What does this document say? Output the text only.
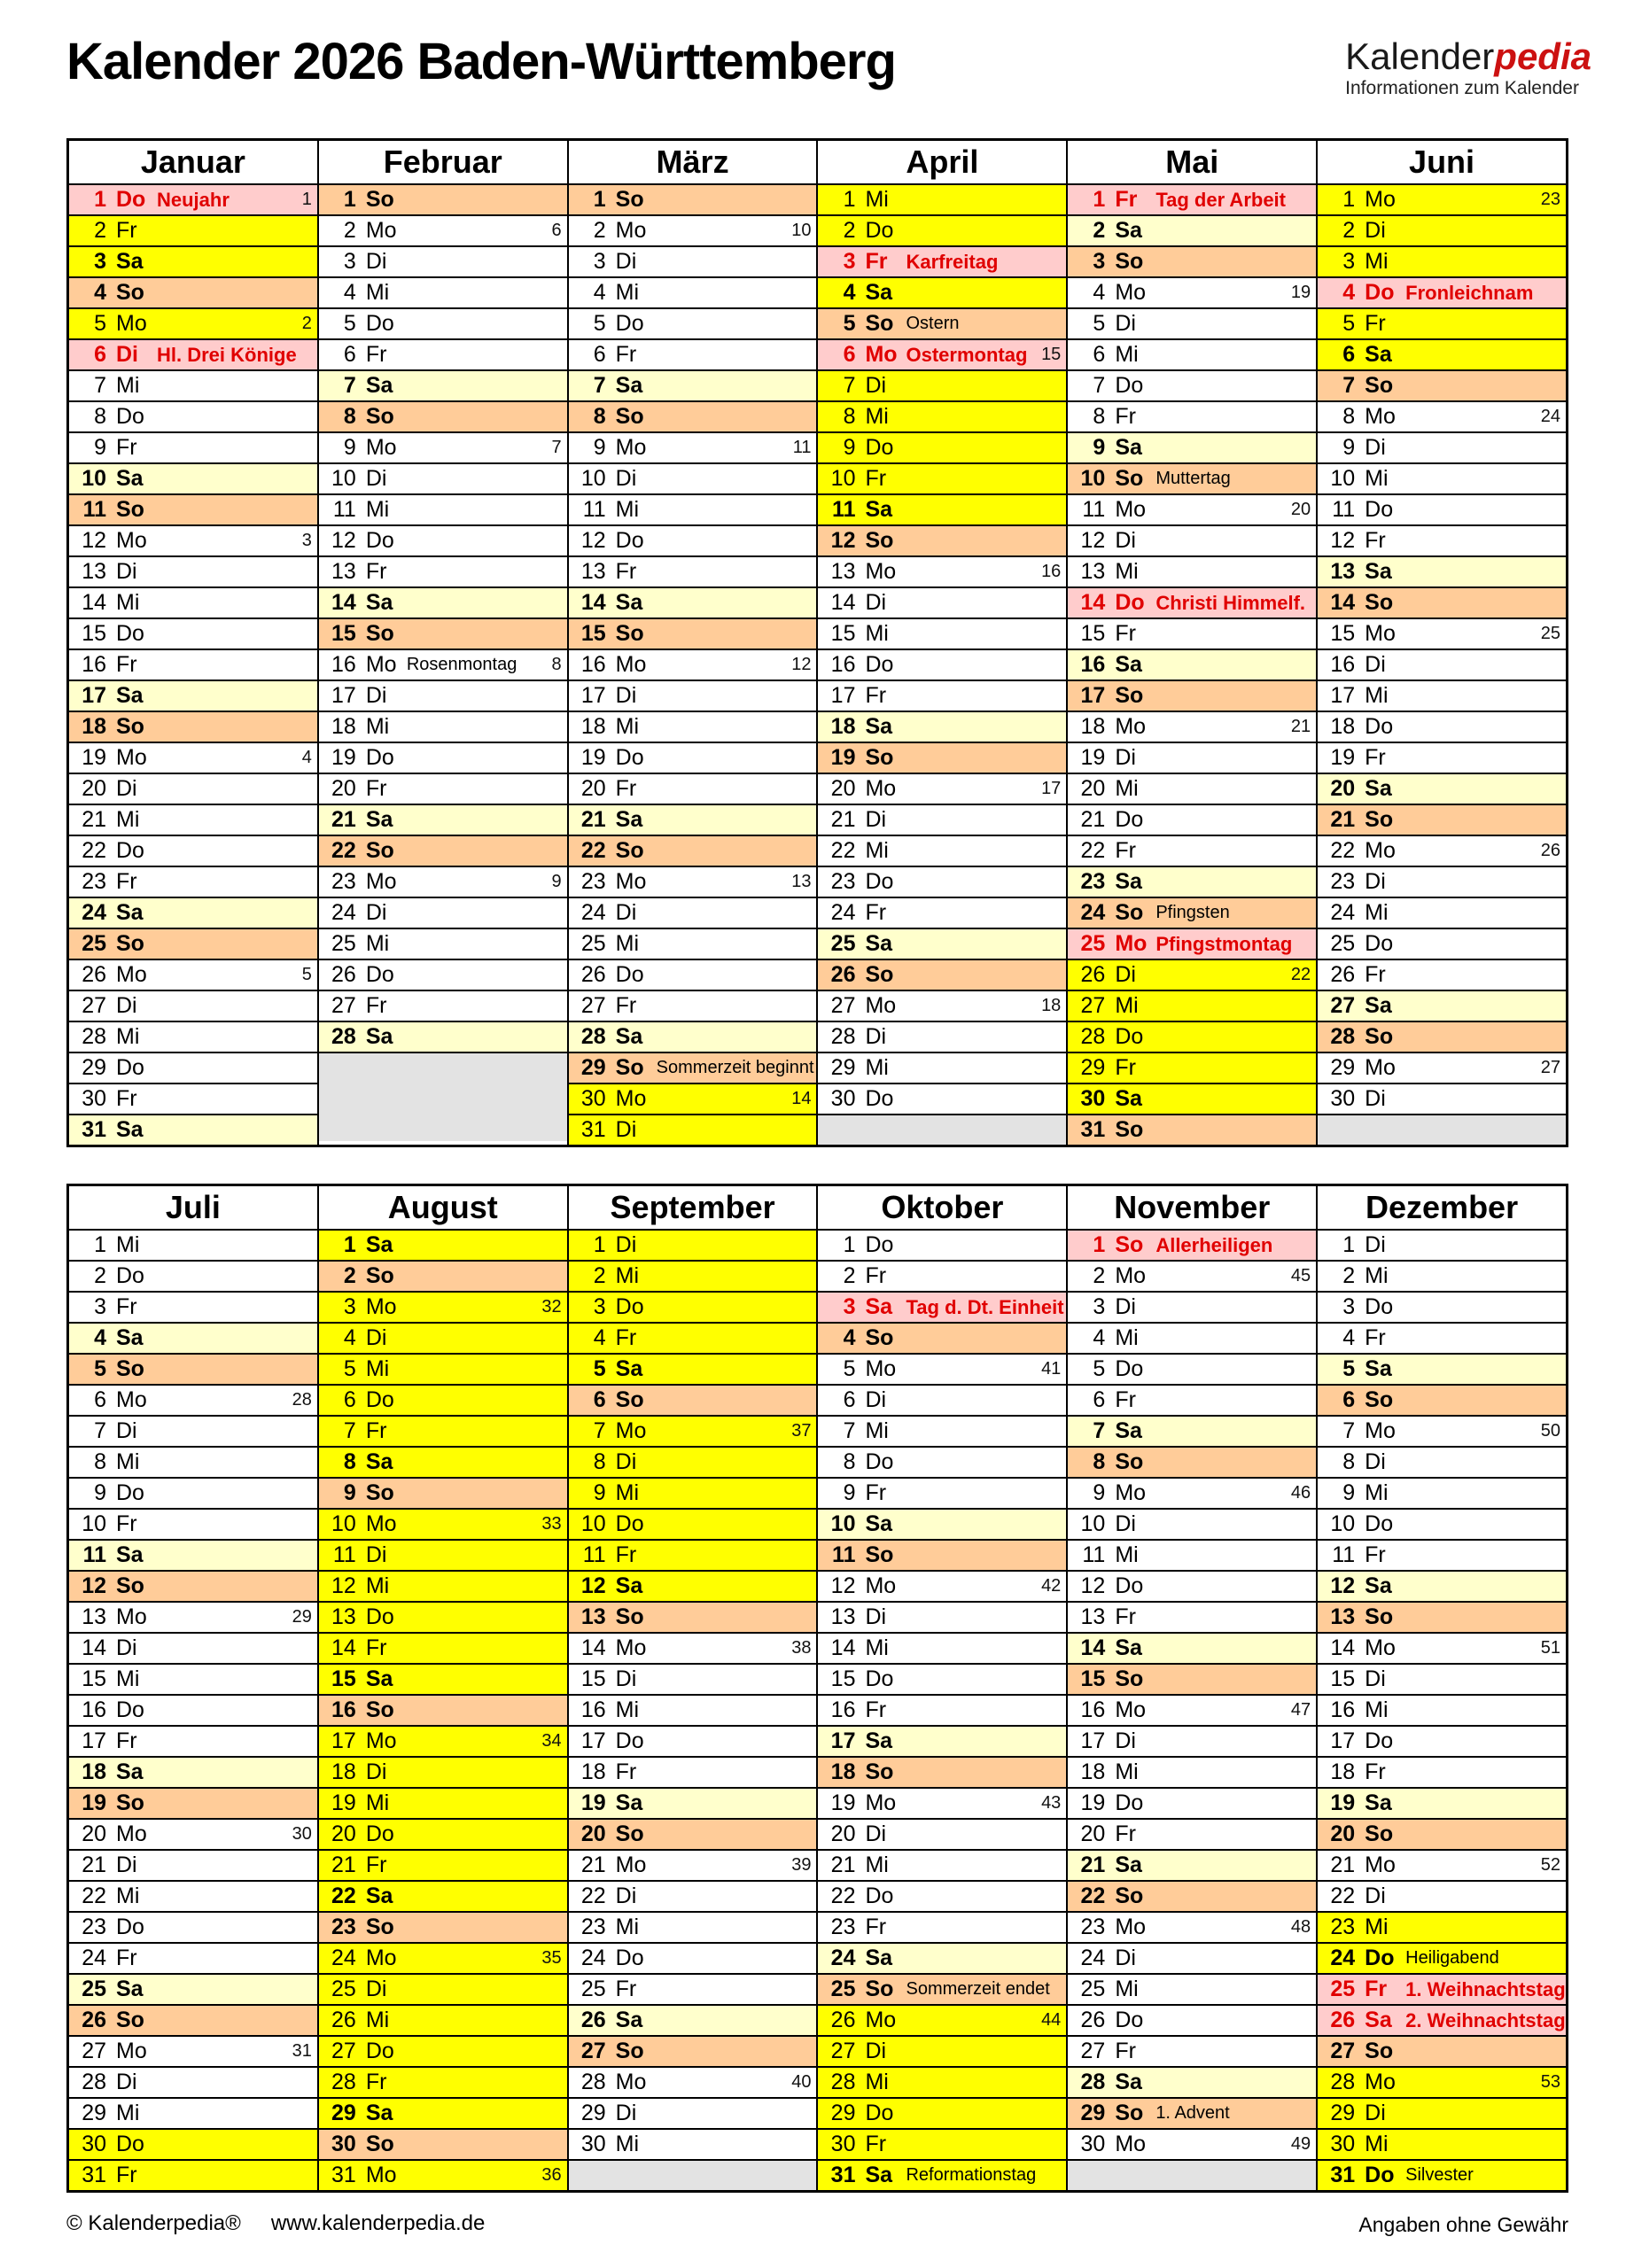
Kalender 2026 Baden-Württemberg	Kalenderpedia
Informationen zum Kalender
Januar
1 Do Neujahr	1
2 Fr
3 Sa
4 So
5 Mo	2
6 Di Hl. Drei Könige
7 Mi
8 Do
9 Fr
10 Sa
11 So
12 Mo	3
13 Di
14 Mi
15 Do
16 Fr
17 Sa
18 So
19 Mo	4
20 Di
21 Mi
22 Do
23 Fr
24 Sa
25 So
26 Mo	5
27 Di
28 Mi
29 Do
30 Fr
31 Sa
Februar
1 So
2 Mo	6
3 Di
4 Mi
5 Do
6 Fr
7 Sa
8 So
9 Mo	7
10 Di
11 Mi
12 Do
13 Fr
14 Sa
15 So
16 Mo Rosenmontag 8
17 Di
18 Mi
19 Do
20 Fr
21 Sa
22 So
23 Mo	9
24 Di
25 Mi
26 Do
27 Fr
28 Sa
März
1 So
2 Mo	10
3 Di
4 Mi
5 Do
6 Fr
7 Sa
8 So
9 Mo	11
10 Di
11 Mi
12 Do
13 Fr
14 Sa
15 So
16 Mo	12
17 Di
18 Mi
19 Do
20 Fr
21 Sa
22 So
23 Mo	13
24 Di
25 Mi
26 Do
27 Fr
28 Sa
29 So Sommerzeit beginnt
30 Mo	14
31 Di
April
1 Mi
2 Do
3 Fr Karfreitag
4 Sa
5 So Ostern
6 Mo Ostermontag 15
7 Di
8 Mi
9 Do
10 Fr
11 Sa
12 So
13 Mo	16
14 Di
15 Mi
16 Do
17 Fr
18 Sa
19 So
20 Mo	17
21 Di
22 Mi
23 Do
24 Fr
25 Sa
26 So
27 Mo	18
28 Di
29 Mi
30 Do
Mai
1 Fr Tag der Arbeit
2 Sa
3 So
4 Mo	19
5 Di
6 Mi
7 Do
8 Fr
9 Sa
10 So Muttertag
11 Mo	20
12 Di
13 Mi
14 Do Christi Himmelf.
15 Fr
16 Sa
17 So
18 Mo	21
19 Di
20 Mi
21 Do
22 Fr
23 Sa
24 So Pfingsten
25 Mo Pfingstmontag
26 Di	22
27 Mi
28 Do
29 Fr
30 Sa
31 So
Juni
1 Mo	23
2 Di
3 Mi
4 Do Fronleichnam
5 Fr
6 Sa
7 So
8 Mo	24
9 Di
10 Mi
11 Do
12 Fr
13 Sa
14 So
15 Mo	25
16 Di
17 Mi
18 Do
19 Fr
20 Sa
21 So
22 Mo	26
23 Di
24 Mi
25 Do
26 Fr
27 Sa
28 So
29 Mo	27
30 Di
Juli
1 Mi
2 Do
3 Fr
4 Sa
5 So
6 Mo	28
7 Di
8 Mi
9 Do
10 Fr
11 Sa
12 So
13 Mo	29
14 Di
15 Mi
16 Do
17 Fr
18 Sa
19 So
20 Mo	30
21 Di
22 Mi
23 Do
24 Fr
25 Sa
26 So
27 Mo	31
28 Di
29 Mi
30 Do
31 Fr
August
1 Sa
2 So
3 Mo	32
4 Di
5 Mi
6 Do
7 Fr
8 Sa
9 So
10 Mo	33
11 Di
12 Mi
13 Do
14 Fr
15 Sa
16 So
17 Mo	34
18 Di
19 Mi
20 Do
21 Fr
22 Sa
23 So
24 Mo	35
25 Di
26 Mi
27 Do
28 Fr
29 Sa
30 So
31 Mo	36
September
1 Di
2 Mi
3 Do
4 Fr
5 Sa
6 So
7 Mo	37
8 Di
9 Mi
10 Do
11 Fr
12 Sa
13 So
14 Mo	38
15 Di
16 Mi
17 Do
18 Fr
19 Sa
20 So
21 Mo	39
22 Di
23 Mi
24 Do
25 Fr
26 Sa
27 So
28 Mo	40
29 Di
30 Mi
Oktober
1 Do
2 Fr
3 Sa Tag d. Dt. Einheit
4 So
5 Mo	41
6 Di
7 Mi
8 Do
9 Fr
10 Sa
11 So
12 Mo	42
13 Di
14 Mi
15 Do
16 Fr
17 Sa
18 So
19 Mo	43
20 Di
21 Mi
22 Do
23 Fr
24 Sa
25 So Sommerzeit endet
26 Mo	44
27 Di
28 Mi
29 Do
30 Fr
31 Sa Reformationstag
November
1 So Allerheiligen
2 Mo	45
3 Di
4 Mi
5 Do
6 Fr
7 Sa
8 So
9 Mo	46
10 Di
11 Mi
12 Do
13 Fr
14 Sa
15 So
16 Mo	47
17 Di
18 Mi
19 Do
20 Fr
21 Sa
22 So
23 Mo	48
24 Di
25 Mi
26 Do
27 Fr
28 Sa
29 So 1. Advent
30 Mo	49
Dezember
1 Di
2 Mi
3 Do
4 Fr
5 Sa
6 So
7 Mo	50
8 Di
9 Mi
10 Do
11 Fr
12 Sa
13 So
14 Mo	51
15 Di
16 Mi
17 Do
18 Fr
19 Sa
20 So
21 Mo	52
22 Di
23 Mi
24 Do Heiligabend
25 Fr 1. Weihnachtstag
26 Sa 2. Weihnachtstag
27 So
28 Mo	53
29 Di
30 Mi
31 Do Silvester
© Kalenderpedia® www.kalenderpedia.de	Angaben ohne Gewähr
